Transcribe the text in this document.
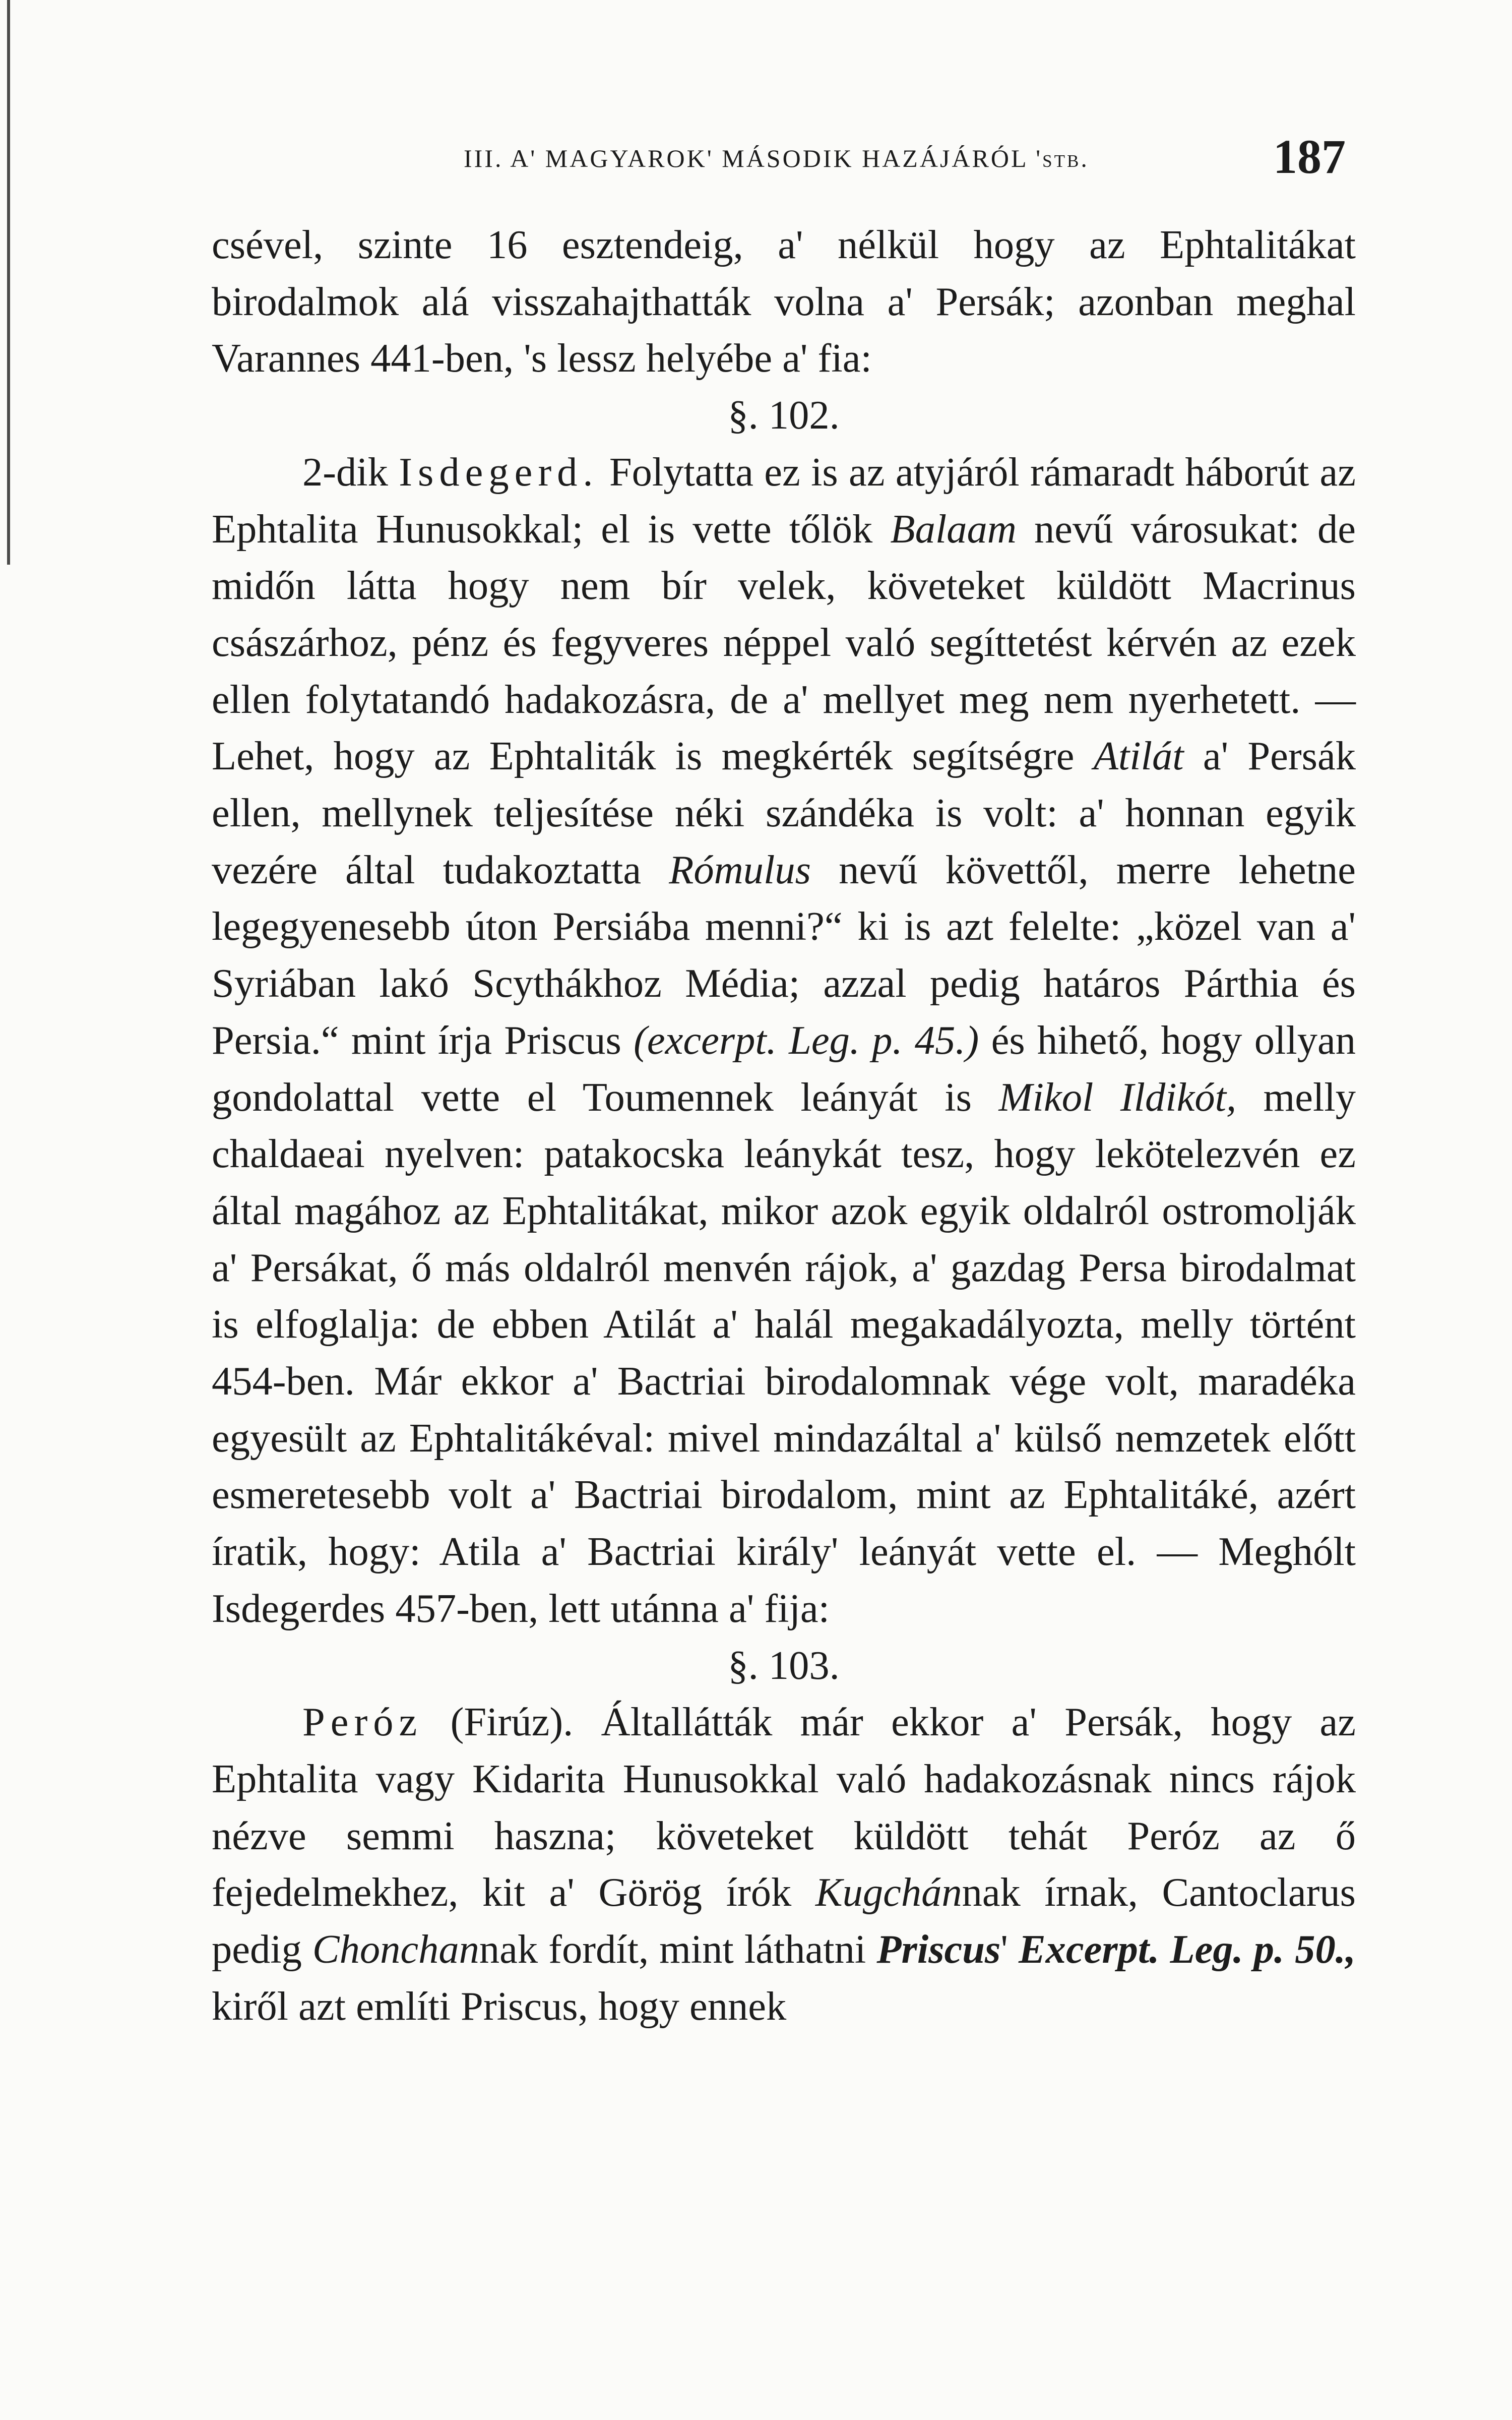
III. A' MAGYAROK' MÁSODIK HAZÁJÁRÓL 'stb.	187

csével, szinte 16 esztendeig, a' nélkül hogy az Ephtalitákat birodalmok alá visszahajthatták volna a' Persák; azonban meghal Varannes 441-ben, 's lessz helyébe a' fia:

§. 102.

2-dik Isdegerd. Folytatta ez is az atyjáról rámaradt háborút az Ephtalita Hunusokkal; el is vette tőlök Balaam nevű városukat: de midőn látta hogy nem bír velek, követeket küldött Macrinus császárhoz, pénz és fegyveres néppel való segíttetést kérvén az ezek ellen folytatandó hadakozásra, de a' mellyet meg nem nyerhetett. — Lehet, hogy az Ephtaliták is megkérték segítségre Atilát a' Persák ellen, mellynek teljesítése néki szándéka is volt: a' honnan egyik vezére által tudakoztatta Rómulus nevű követtől, merre lehetne legegyenesebb úton Persiába menni?“ ki is azt felelte: „közel van a' Syriában lakó Scythákhoz Média; azzal pedig határos Párthia és Persia.“ mint írja Priscus (excerpt. Leg. p. 45.) és hihető, hogy ollyan gondolattal vette el Toumennek leányát is Mikol Ildikót, melly chaldaeai nyelven: patakocska leánykát tesz, hogy lekötelezvén ez által magához az Ephtalitákat, mikor azok egyik oldalról ostromolják a' Persákat, ő más oldalról menvén rájok, a' gazdag Persa birodalmat is elfoglalja: de ebben Atilát a' halál megakadályozta, melly történt 454-ben. Már ekkor a' Bactriai birodalomnak vége volt, maradéka egyesült az Ephtalitákéval: mivel mindazáltal a' külső nemzetek előtt esmeretesebb volt a' Bactriai birodalom, mint az Ephtalitáké, azért íratik, hogy: Atila a' Bactriai király' leányát vette el. — Meghólt Isdegerdes 457-ben, lett utánna a' fija:

§. 103.

Peróz (Firúz). Általlátták már ekkor a' Persák, hogy az Ephtalita vagy Kidarita Hunusokkal való hadakozásnak nincs rájok nézve semmi haszna; követeket küldött tehát Peróz az ő fejedelmekhez, kit a' Görög írók Kugchánnak írnak, Cantoclarus pedig Chonchannak fordít, mint láthatni Priscus' Excerpt. Leg. p. 50., kiről azt említi Priscus, hogy ennek
